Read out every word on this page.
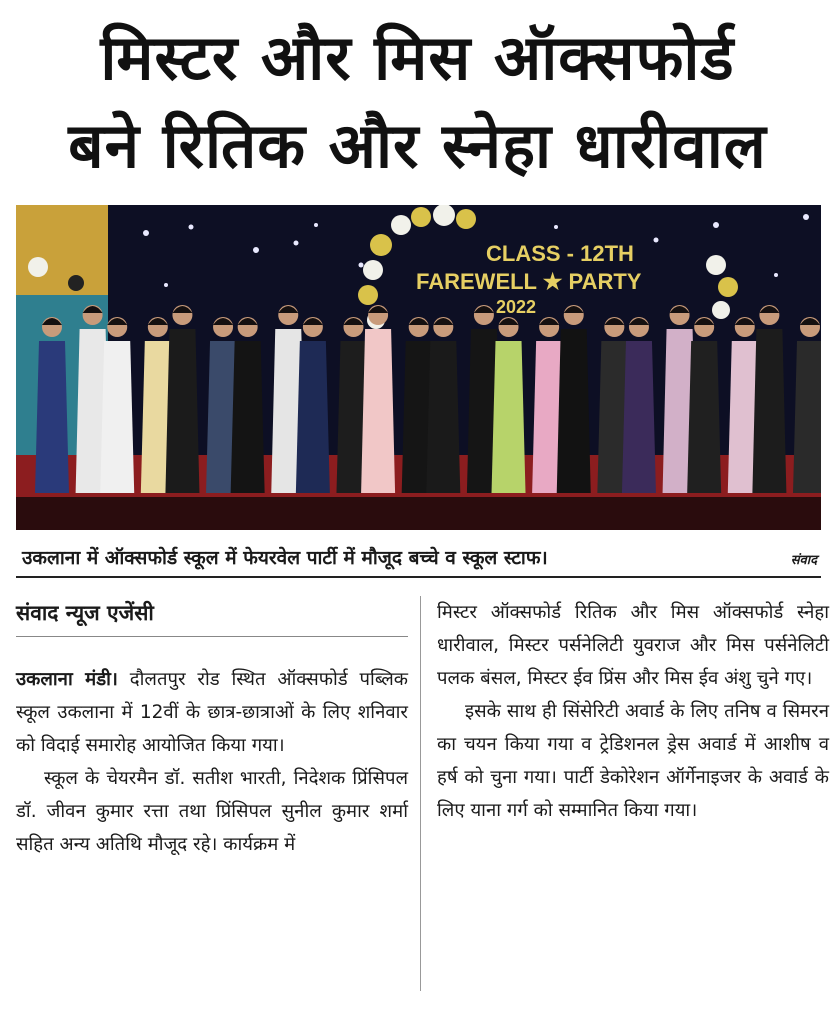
मिस्टर और मिस ऑक्सफोर्ड
बने रितिक और स्नेहा धारीवाल
CLASS - 12TH
FAREWELL ★ PARTY
2022
उकलाना में ऑक्सफोर्ड स्कूल में फेयरवेल पार्टी में मौजूद बच्चे व स्कूल स्टाफ।	संवाद
संवाद न्यूज एजेंसी

उकलाना मंडी। दौलतपुर रोड स्थित ऑक्सफोर्ड पब्लिक स्कूल उकलाना में 12वीं के छात्र-छात्राओं के लिए शनिवार को विदाई समारोह आयोजित किया गया।

स्कूल के चेयरमैन डॉ. सतीश भारती, निदेशक प्रिंसिपल डॉ. जीवन कुमार रत्ता तथा प्रिंसिपल सुनील कुमार शर्मा सहित अन्य अतिथि मौजूद रहे। कार्यक्रम में

मिस्टर ऑक्सफोर्ड रितिक और मिस ऑक्सफोर्ड स्नेहा धारीवाल, मिस्टर पर्सनेलिटी युवराज और मिस पर्सनेलिटी पलक बंसल, मिस्टर ईव प्रिंस और मिस ईव अंशु चुने गए।

इसके साथ ही सिंसेरिटी अवार्ड के लिए तनिष व सिमरन का चयन किया गया व ट्रेडिशनल ड्रेस अवार्ड में आशीष व हर्ष को चुना गया। पार्टी डेकोरेशन ऑर्गेनाइजर के अवार्ड के लिए याना गर्ग को सम्मानित किया गया।
